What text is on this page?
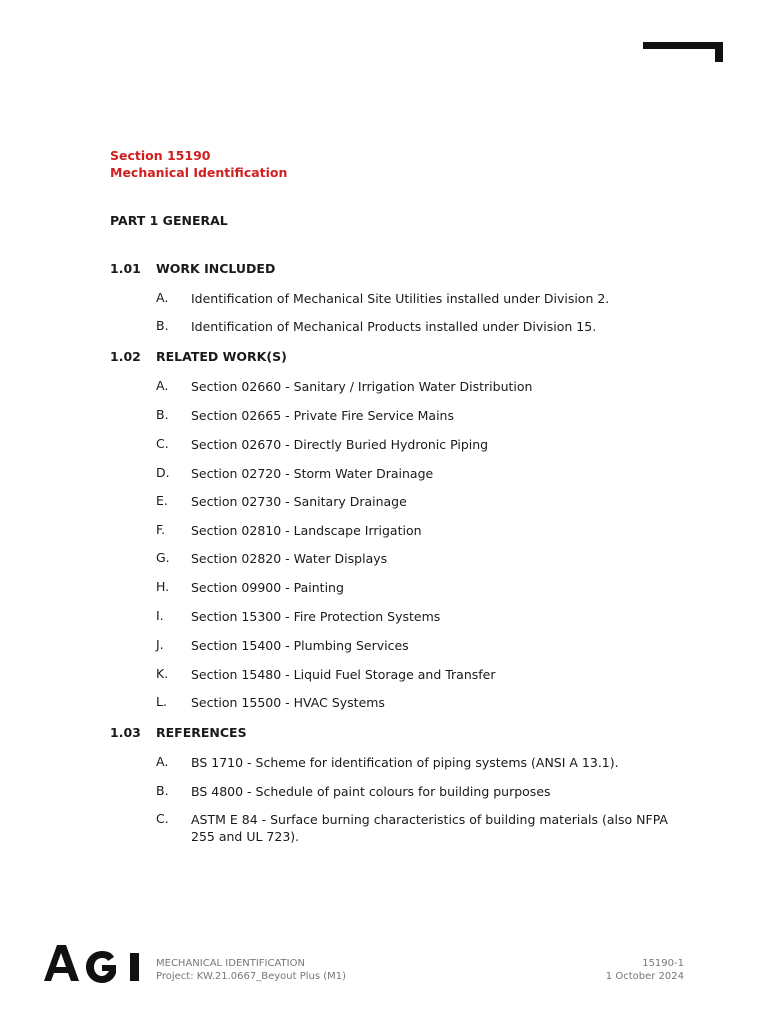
Section 15190
Mechanical Identification
PART 1 GENERAL
1.01 WORK INCLUDED
A. Identification of Mechanical Site Utilities installed under Division 2.
B. Identification of Mechanical Products installed under Division 15.
1.02 RELATED WORK(S)
A. Section 02660 - Sanitary / Irrigation Water Distribution
B. Section 02665 - Private Fire Service Mains
C. Section 02670 - Directly Buried Hydronic Piping
D. Section 02720 - Storm Water Drainage
E. Section 02730 - Sanitary Drainage
F. Section 02810 - Landscape Irrigation
G. Section 02820 - Water Displays
H. Section 09900 - Painting
I. Section 15300 - Fire Protection Systems
J. Section 15400 - Plumbing Services
K. Section 15480 - Liquid Fuel Storage and Transfer
L. Section 15500 - HVAC Systems
1.03 REFERENCES
A. BS 1710 - Scheme for identification of piping systems (ANSI A 13.1).
B. BS 4800 - Schedule of paint colours for building purposes
C. ASTM E 84 - Surface burning characteristics of building materials (also NFPA 255 and UL 723).
MECHANICAL IDENTIFICATION
Project: KW.21.0667_Beyout Plus (M1)
15190-1
1 October 2024
